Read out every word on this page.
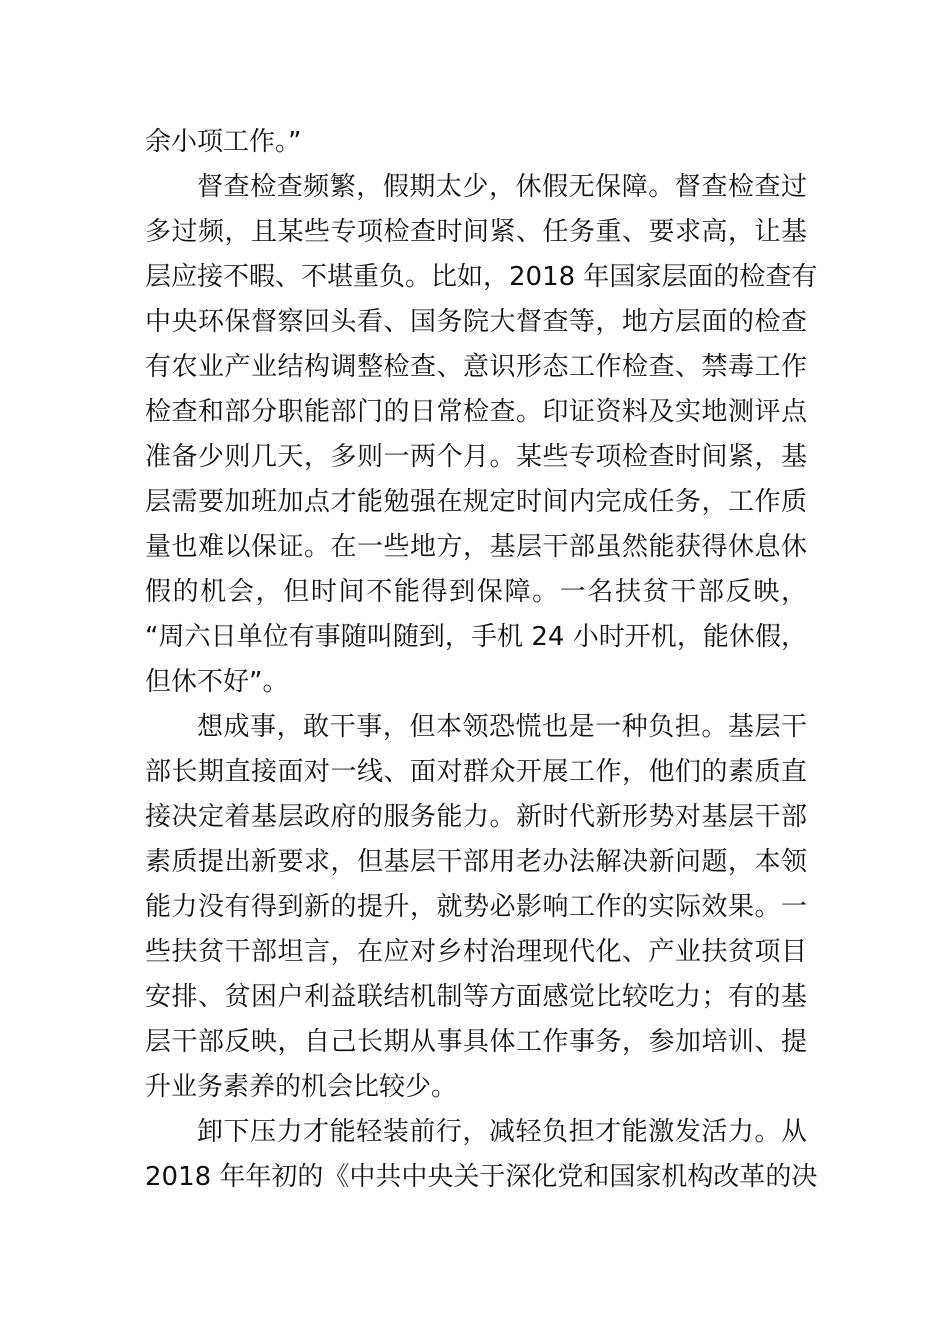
余小项工作。”
督查检查频繁，假期太少，休假无保障。督查检查过
多过频，且某些专项检查时间紧、任务重、要求高，让基
层应接不暇、不堪重负。比如，2018 年国家层面的检查有
中央环保督察回头看、国务院大督查等，地方层面的检查
有农业产业结构调整检查、意识形态工作检查、禁毒工作
检查和部分职能部门的日常检查。印证资料及实地测评点
准备少则几天，多则一两个月。某些专项检查时间紧，基
层需要加班加点才能勉强在规定时间内完成任务，工作质
量也难以保证。在一些地方，基层干部虽然能获得休息休
假的机会，但时间不能得到保障。一名扶贫干部反映，
“周六日单位有事随叫随到，手机 24 小时开机，能休假，
但休不好”。
想成事，敢干事，但本领恐慌也是一种负担。基层干
部长期直接面对一线、面对群众开展工作，他们的素质直
接决定着基层政府的服务能力。新时代新形势对基层干部
素质提出新要求，但基层干部用老办法解决新问题，本领
能力没有得到新的提升，就势必影响工作的实际效果。一
些扶贫干部坦言，在应对乡村治理现代化、产业扶贫项目
安排、贫困户利益联结机制等方面感觉比较吃力；有的基
层干部反映，自己长期从事具体工作事务，参加培训、提
升业务素养的机会比较少。
卸下压力才能轻装前行，减轻负担才能激发活力。从
2018 年年初的《中共中央关于深化党和国家机构改革的决
